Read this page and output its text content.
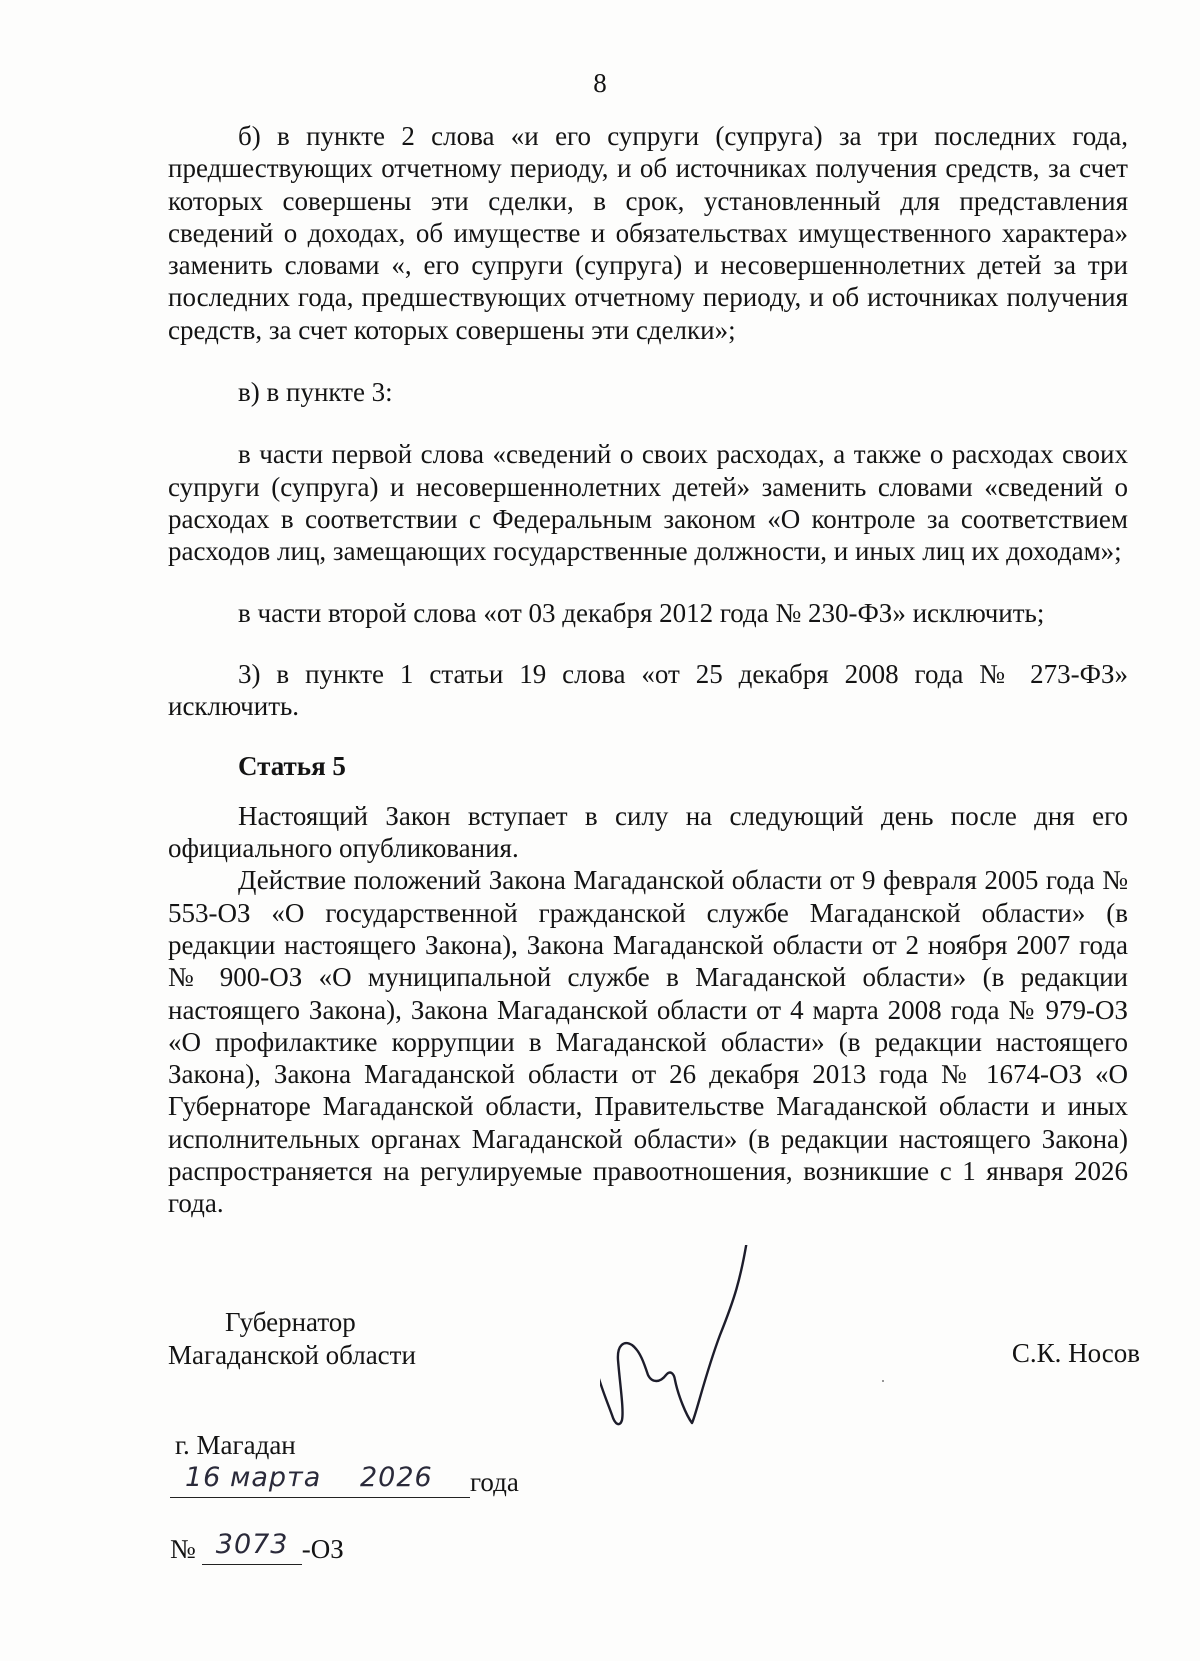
8

б) в пункте 2 слова «и его супруги (супруга) за три последних года, предшествующих отчетному периоду, и об источниках получения средств, за счет которых совершены эти сделки, в срок, установленный для представления сведений о доходах, об имуществе и обязательствах имущественного характера» заменить словами «, его супруги (супруга) и несовершеннолетних детей за три последних года, предшествующих отчетному периоду, и об источниках получения средств, за счет которых совершены эти сделки»;

в) в пункте 3:

в части первой слова «сведений о своих расходах, а также о расходах своих супруги (супруга) и несовершеннолетних детей» заменить словами «сведений о расходах в соответствии с Федеральным законом «О контроле за соответствием расходов лиц, замещающих государственные должности, и иных лиц их доходам»;

в части второй слова «от 03 декабря 2012 года № 230-ФЗ» исключить;

3) в пункте 1 статьи 19 слова «от 25 декабря 2008 года № 273-ФЗ» исключить.

Статья 5

Настоящий Закон вступает в силу на следующий день после дня его официального опубликования.

Действие положений Закона Магаданской области от 9 февраля 2005 года № 553-ОЗ «О государственной гражданской службе Магаданской области» (в редакции настоящего Закона), Закона Магаданской области от 2 ноября 2007 года № 900-ОЗ «О муниципальной службе в Магаданской области» (в редакции настоящего Закона), Закона Магаданской области от 4 марта 2008 года № 979-ОЗ «О профилактике коррупции в Магаданской области» (в редакции настоящего Закона), Закона Магаданской области от 26 декабря 2013 года № 1674-ОЗ «О Губернаторе Магаданской области, Правительстве Магаданской области и иных исполнительных органах Магаданской области» (в редакции настоящего Закона) распространяется на регулируемые правоотношения, возникшие с 1 января 2026 года.

Губернатор
Магаданской области	С.К. Носов
г. Магадан
16 марта 2026 года
№ 3073 -ОЗ
